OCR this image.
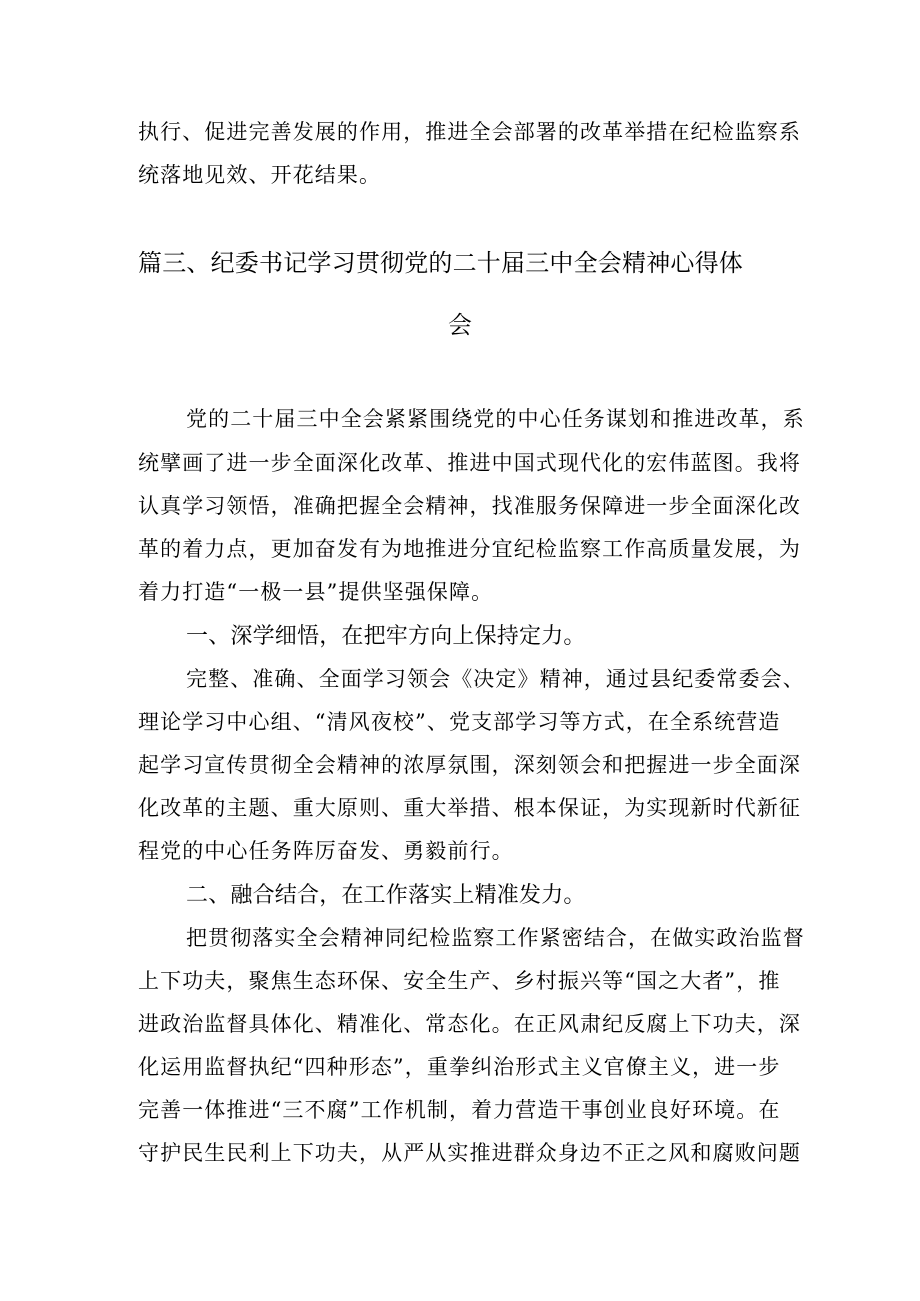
执行、促进完善发展的作用，推进全会部署的改革举措在纪检监察系
统落地见效、开花结果。
篇三、纪委书记学习贯彻党的二十届三中全会精神心得体
会
党的二十届三中全会紧紧围绕党的中心任务谋划和推进改革，系
统擘画了进一步全面深化改革、推进中国式现代化的宏伟蓝图。我将
认真学习领悟，准确把握全会精神，找准服务保障进一步全面深化改
革的着力点，更加奋发有为地推进分宜纪检监察工作高质量发展，为
着力打造“一极一县”提供坚强保障。
一、深学细悟，在把牢方向上保持定力。
完整、准确、全面学习领会《决定》精神，通过县纪委常委会、
理论学习中心组、“清风夜校”、党支部学习等方式，在全系统营造
起学习宣传贯彻全会精神的浓厚氛围，深刻领会和把握进一步全面深
化改革的主题、重大原则、重大举措、根本保证，为实现新时代新征
程党的中心任务阵厉奋发、勇毅前行。
二、融合结合，在工作落实上精准发力。
把贯彻落实全会精神同纪检监察工作紧密结合，在做实政治监督
上下功夫，聚焦生态环保、安全生产、乡村振兴等“国之大者”，推
进政治监督具体化、精准化、常态化。在正风肃纪反腐上下功夫，深
化运用监督执纪“四种形态”，重拳纠治形式主义官僚主义，进一步
完善一体推进“三不腐”工作机制，着力营造干事创业良好环境。在
守护民生民利上下功夫，从严从实推进群众身边不正之风和腐败问题
